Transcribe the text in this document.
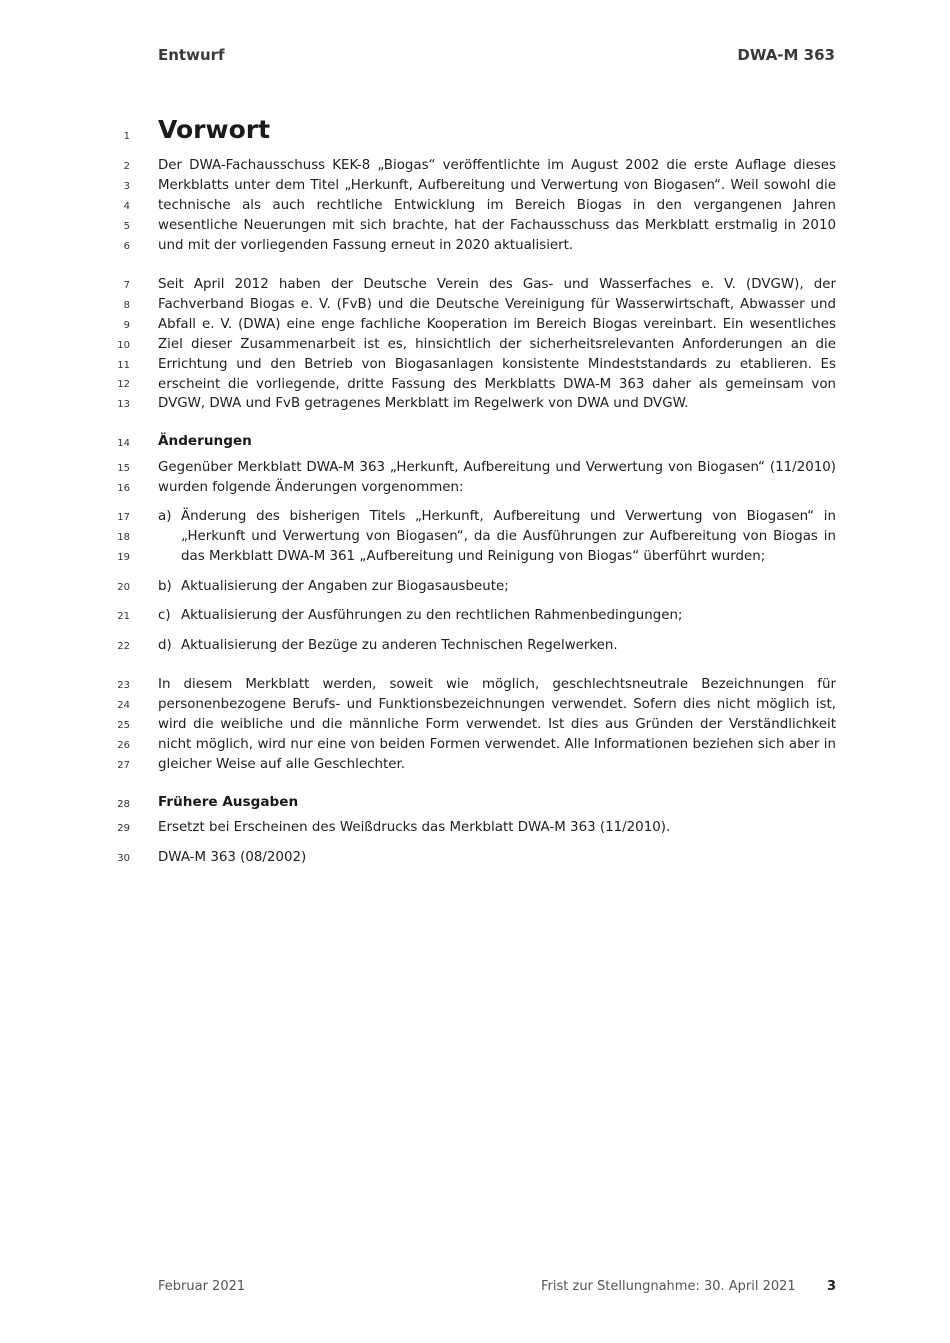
Entwurf	DWA-M 363
1
2
3
4
5
6
7
8
9
10
11
12
13
14
15
16
17
18
19
20
21
22
23
24
25
26
27
28
29
30
Vorwort
Der DWA-Fachausschuss KEK-8 „Biogas“ veröffentlichte im August 2002 die erste Auflage dieses Merkblatts unter dem Titel „Herkunft, Aufbereitung und Verwertung von Biogasen“. Weil sowohl die technische als auch rechtliche Entwicklung im Bereich Biogas in den vergangenen Jahren wesentliche Neuerungen mit sich brachte, hat der Fachausschuss das Merkblatt erstmalig in 2010 und mit der vorliegenden Fassung erneut in 2020 aktualisiert.
Seit April 2012 haben der Deutsche Verein des Gas- und Wasserfaches e. V. (DVGW), der Fachverband Biogas e. V. (FvB) und die Deutsche Vereinigung für Wasserwirtschaft, Abwasser und Abfall e. V. (DWA) eine enge fachliche Kooperation im Bereich Biogas vereinbart. Ein wesentliches Ziel dieser Zusammenarbeit ist es, hinsichtlich der sicherheitsrelevanten Anforderungen an die Errichtung und den Betrieb von Biogasanlagen konsistente Mindeststandards zu etablieren. Es erscheint die vorliegende, dritte Fassung des Merkblatts DWA-M 363 daher als gemeinsam von DVGW, DWA und FvB getragenes Merkblatt im Regelwerk von DWA und DVGW.
Änderungen
Gegenüber Merkblatt DWA-M 363 „Herkunft, Aufbereitung und Verwertung von Biogasen“ (11/2010) wurden folgende Änderungen vorgenommen:
a) Änderung des bisherigen Titels „Herkunft, Aufbereitung und Verwertung von Biogasen“ in „Herkunft und Verwertung von Biogasen“, da die Ausführungen zur Aufbereitung von Biogas in das Merkblatt DWA-M 361 „Aufbereitung und Reinigung von Biogas“ überführt wurden;
b) Aktualisierung der Angaben zur Biogasausbeute;
c) Aktualisierung der Ausführungen zu den rechtlichen Rahmenbedingungen;
d) Aktualisierung der Bezüge zu anderen Technischen Regelwerken.
In diesem Merkblatt werden, soweit wie möglich, geschlechtsneutrale Bezeichnungen für personenbezogene Berufs- und Funktionsbezeichnungen verwendet. Sofern dies nicht möglich ist, wird die weibliche und die männliche Form verwendet. Ist dies aus Gründen der Verständlichkeit nicht möglich, wird nur eine von beiden Formen verwendet. Alle Informationen beziehen sich aber in gleicher Weise auf alle Geschlechter.
Frühere Ausgaben
Ersetzt bei Erscheinen des Weißdrucks das Merkblatt DWA-M 363 (11/2010).
DWA-M 363 (08/2002)
Februar 2021	Frist zur Stellungnahme: 30. April 2021 3
